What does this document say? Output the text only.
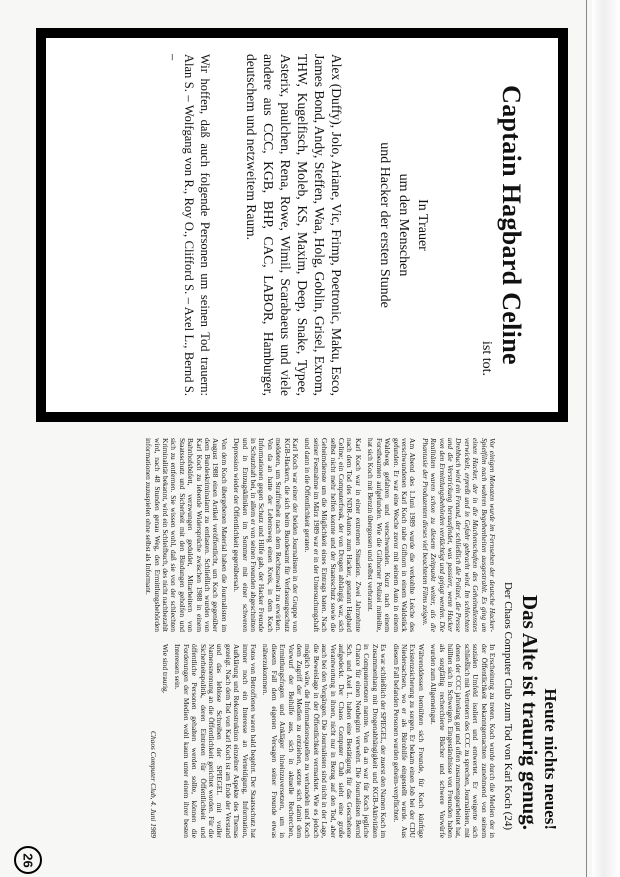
Captain Hagbard Celine
ist tot.
In Trauer
um den Menschen
und Hacker der ersten Stunde
Alex (Duffy), Jolo, Ariane, Vic, Frimp, Poetronic, Maku, Esco, James Bond, Andy, Steffen, Waa, Holg, Goblin, Grisel, Exrom, THW, Kugelfisch, Moleb, KS, Maxim, Deep, Snake, Typee, Asterix, paulchen, Rena, Rowe, Wimil, Scarabaeus und viele andere aus CCC, KGB, BHP, CAC, LABOR, Hamburger, deutschem und netzweitem Raum.
Wir hoffen, daß auch folgende Personen um seinen Tod trauern: Alan S. – Wolfgang von R., Roy O., Clifford S. – Axel L., Bernd S. –
Heute nichts neues!
Das Alte ist traurig genug.
Der Chaos Computer Club zum Tod von Karl Koch (24)

Vor einigen Monaten wurde im Fernsehen der deutsche Hacker-Spielfilm nach wahren Begebenheiten ausgestrahlt. Es ging um einen Hacker, der in die Machenschaften des Geheimdienstes verwickelt, erpreßt und in Gefahr gebracht wird. Im schlechten Drehbuch wird ein Freund, der schließlich die Polizei, die Presse und die Verstrickung herausfindet, was passiert, wenn Hacker von den Ermittlungsbehörden verdächtigt und gejagt werden. Die Realitäten waren schon zu diesem Zeitpunkt weiter, als die Phantasie der Produzenten dieses viel beachteten Films zeigen.

Am Abend des 1.Juni 1989 wurde die verkohlte Leiche des verschwundenen Karl Koch nahe Gifhorn in einem Waldstück gefunden. Er war eine Woche zuvor mit seinem Auto in einem Waldweg gefahren und verschwunden. Kurz nach einem Forstbeamten aufgefunden. Wie die Gifhorner Polizei mitteilte, hat sich Koch mit Benzin übergossen und selbst verbrannt.

Karl Koch war in einer extremen Situation. Zwei Jahrzehnte nach dem Tod des NDR-Autors zum Hacker, genannt Hagbard Celine; ein Computerfreak, der von Drogen abhängig war, sich selbst nicht mehr helfen konnte und der Staatsschutz sowie die Geheimdienste um die Möglichkeit eines Eintrags baten. Nach seiner Festnahme im März 1989 war er in der Untersuchungshaft und dann in die Öffentlichkeit geraten.

Karl Koch war einer der beiden Journalisten in der Gruppe von KGB-Hackern, die sich beim Bundesamt für Verfassungsschutz meldeten, um Straffreiheit nach dem Rechtsanwalt zu erwirken. Von da an hatte der Lebensweg einen Kreis, in dem Koch Informationen gegen Schutz und Hilfe gab, der Hacker Freunde in Schutzhaft bei, in allem er von seinen Freunden abgeschnitten und in Entzugskliniken im Sommer mit einer schweren Depression wieder der Öffentlichkeit gegenübersah.

Von dem Koch übergebenen Material haben die Journalisten im August 1988 einen Artikel veröffentlicht, um Koch gegenüber dem Bundeskriminalamt zu entlasten. Schließlich wurden von Karl Koch zu lebende Widersprüche zwischen 1988 in einem Bahnhofsbüfett, verzwungen geduldet, Mitarbeitern von Staatsschutz und Sicherheit mit den Bindungen geholfen und sich zu entfernen. Sie wissen wohl, daß sie von der schlechten Kriminalität bekannt, wird ein Schleifbuch, des nicht nachbezahlt wird, nach 48 Stunden genau Weg, den Ermittlungsbehörden informationen zuzuspielen ohne selbst als Informant.

In Erscheinung zu treten. Koch wurde durch die Medien der in der Öffentlichkeit bekanntgemachten zunehmend von seinem sozialen Umfeld isoliert und entwertet. Er weigerte sich schließlich mit Vertretern des CCC zu sprechen, Journalisten, mit denen der CCC jahrelang gut und offen zusammengearbeitet hat, hüllten sich in Schweigen. Eingeständnisse von Freunden haben als sorgfältig recherchierte Bücher und schwere Vorwürfe wurden zum Allgemeingut.

Währenddessen bemühten sich Freunde, für Koch künftige Existenzsicherung zu sorgen. Er bekam einen Job bei der CDU Niedersachsen, wo er als Bürohilfe eingestellt wurde. Aus diesem Fall befanden Personen wurden geheim-verpflichtet.

Es war schließlich der SPIEGEL, der zuerst den Namen Koch im Zusammenhang mit Drogenabhängigkeit und KGB-Aktivitäten in Computernetzen nannte. Von da an war für Koch jegliche Chance für einen Neubeginn verwehrt. Die Journalisten Bernd Sch. und Axel L. haben eine Bestätigung für das Geschehene aufgedeckt. Der Chaos Computer Club sieht eine große Verantwortung in ihnen, nicht nur in Bezug auf den Tod, aber auch bei den Vorgängen. Die Journalisten sind nicht in der Lage, die Beweislage in der Öffentlichkeit vermarktet. Wie es jedoch möglich wäre, die Informationsquellen zu verhandeln und Koch dem Zugriff der Medien zu entziehen, setzte sich damit dem Vorwurf der Beihilfe aus, sich in aktuelle Recherchen, Ermittlungsfragen und Ankläger hineinzuversetzen, um in diesem Fall dem eigenen Versagen seiner Freunde etwas näherzukommen.

Fotos von Betroffenen waren bald begehrt. Der Staatsschutz hat immer noch ein Interesse an Verteidigung, Information, Aufklärung und Rekonstruktion einzelner Aspekte des Themas gezeigt. Nach dem Tod von Karl Koch ist am Ende der Verstand und das leblose Schreiben der SPIEGEL mit voller Namensnennung an die Öffentlichkeit gerichtet worden. Für die Sicherheitspolitik, deren Eintreten für Öffentlichkeit und öffentliche Personen gehalten werden sollte, können die Forderungen der Medien wohl kaum unter einem ihrer besten Interessen sein.

Wie sind traurig.

Chaos Computer Club, 4. Juni 1989

26
